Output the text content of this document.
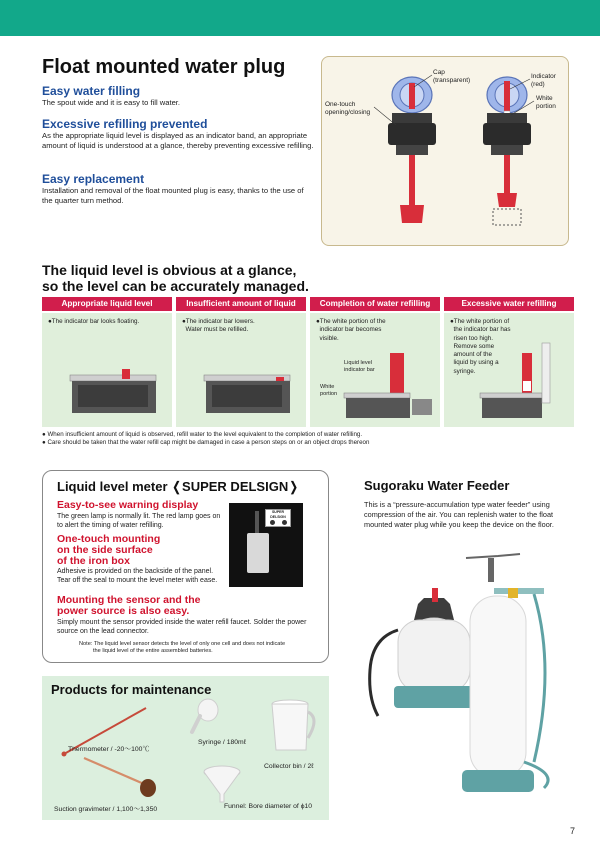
Float mounted water plug
Easy water filling
The spout wide and it is easy to fill water.
Excessive refilling prevented
As the appropriate liquid level is displayed as an indicator band, an appropriate amount of liquid is understood at a glance, thereby preventing excessive refilling.
Easy replacement
Installation and removal of the float mounted plug is easy, thanks to the use of the quarter turn method.
Cap
(transparent)	Indicator
(red)
White
portion
One-touch
opening/closing
The liquid level is obvious at a glance,
so the level can be accurately managed.
Appropriate liquid level	Insufficient amount of liquid	Completion of water refilling	Excessive water refilling
●The indicator bar looks floating.	●The indicator bar lowers.
Water must be refilled.
●The white portion of the
indicator bar becomes
visible.
Liquid level
indicator bar
White
portion
●The white portion of
the indicator bar has
risen too high.
Remove some
amount of the
liquid by using a
syringe.
● When insufficient amount of liquid is observed, refill water to the level equivalent to the completion of water refilling.
● Care should be taken that the water refill cap might be damaged in case a person steps on or an object drops thereon
Liquid level meter ❬SUPER DELSIGN❭
Easy-to-see warning display
The green lamp is normally lit. The red lamp goes on to alert the timing of water refilling.
One-touch mounting
on the side surface
of the iron box
Adhesive is provided on the backside of the panel. Tear off the seal to mount the level meter with ease.
Mounting the sensor and the
power source is also easy.
Simply mount the sensor provided inside the water refill faucet. Solder the power source on the lead connector.
Note: The liquid level sensor detects the level of only one cell and does not indicate
the liquid level of the entire assembled batteries.
SUPER DELSIGN
Sugoraku Water Feeder
This is a “pressure-accumulation type water feeder” using compression of the air. You can replenish water to the float mounted water plug while you keep the device on the floor.
Products for maintenance
Thermometer / -20〜100℃
Syringe / 180mℓ
Collector bin / 2ℓ
Suction gravimeter / 1,100〜1,350	Funnel: Bore diameter of ϕ10
7
